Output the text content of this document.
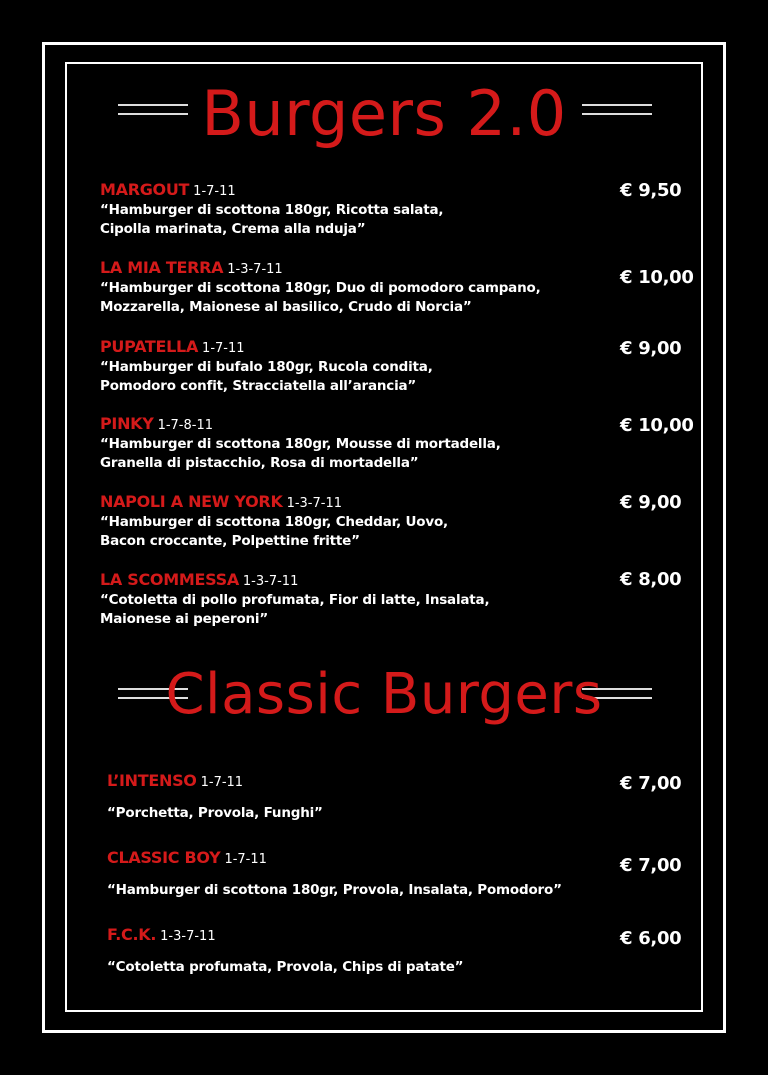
Burgers 2.0
MARGOUT 1-7-11
“Hamburger di scottona 180gr, Ricotta salata,
Cipolla marinata, Crema alla nduja”
€ 9,50
LA MIA TERRA 1-3-7-11
“Hamburger di scottona 180gr, Duo di pomodoro campano,
Mozzarella, Maionese al basilico, Crudo di Norcia”
€ 10,00
PUPATELLA 1-7-11
“Hamburger di bufalo 180gr, Rucola condita,
Pomodoro confit, Stracciatella all’arancia”
€ 9,00
PINKY 1-7-8-11
“Hamburger di scottona 180gr, Mousse di mortadella,
Granella di pistacchio, Rosa di mortadella”
€ 10,00
NAPOLI A NEW YORK 1-3-7-11
“Hamburger di scottona 180gr, Cheddar, Uovo,
Bacon croccante, Polpettine fritte”
€ 9,00
LA SCOMMESSA 1-3-7-11
“Cotoletta di pollo profumata, Fior di latte, Insalata,
Maionese ai peperoni”
€ 8,00
Classic Burgers
L’INTENSO 1-7-11
“Porchetta, Provola, Funghi”
€ 7,00
CLASSIC BOY 1-7-11
“Hamburger di scottona 180gr, Provola, Insalata, Pomodoro”
€ 7,00
F.C.K. 1-3-7-11
“Cotoletta profumata, Provola, Chips di patate”
€ 6,00
